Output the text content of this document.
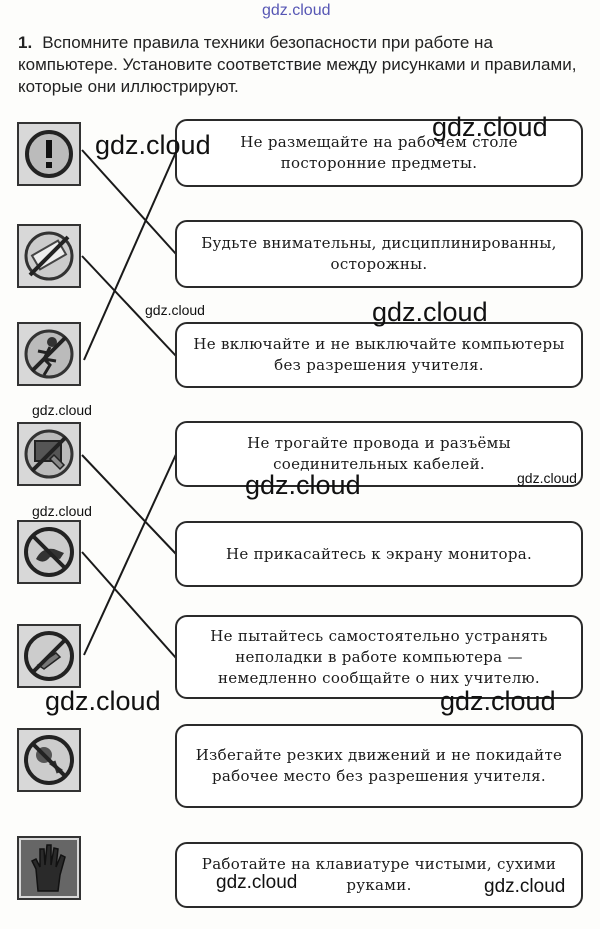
gdz.cloud
1. Вспомните правила техники безопасности при работе на компьютере. Установите соответствие между рисунками и правилами, которые они иллюстрируют.
Не размещайте на рабочем столе посторонние предметы.
Будьте внимательны, дисциплинированны, осторожны.
Не включайте и не выключайте компьютеры без разрешения учителя.
Не трогайте провода и разъёмы соединительных кабелей.
Не прикасайтесь к экрану монитора.
Не пытайтесь самостоятельно устранять неполадки в работе компьютера — немедленно сообщайте о них учителю.
Избегайте резких движений и не покидайте рабочее место без разрешения учителя.
Работайте на клавиатуре чистыми, сухими руками.
gdz.cloud
gdz.cloud
gdz.cloud	gdz.cloud
gdz.cloud
gdz.cloud
gdz.cloud
gdz.cloud
gdz.cloud	gdz.cloud
gdz.cloud	gdz.cloud
